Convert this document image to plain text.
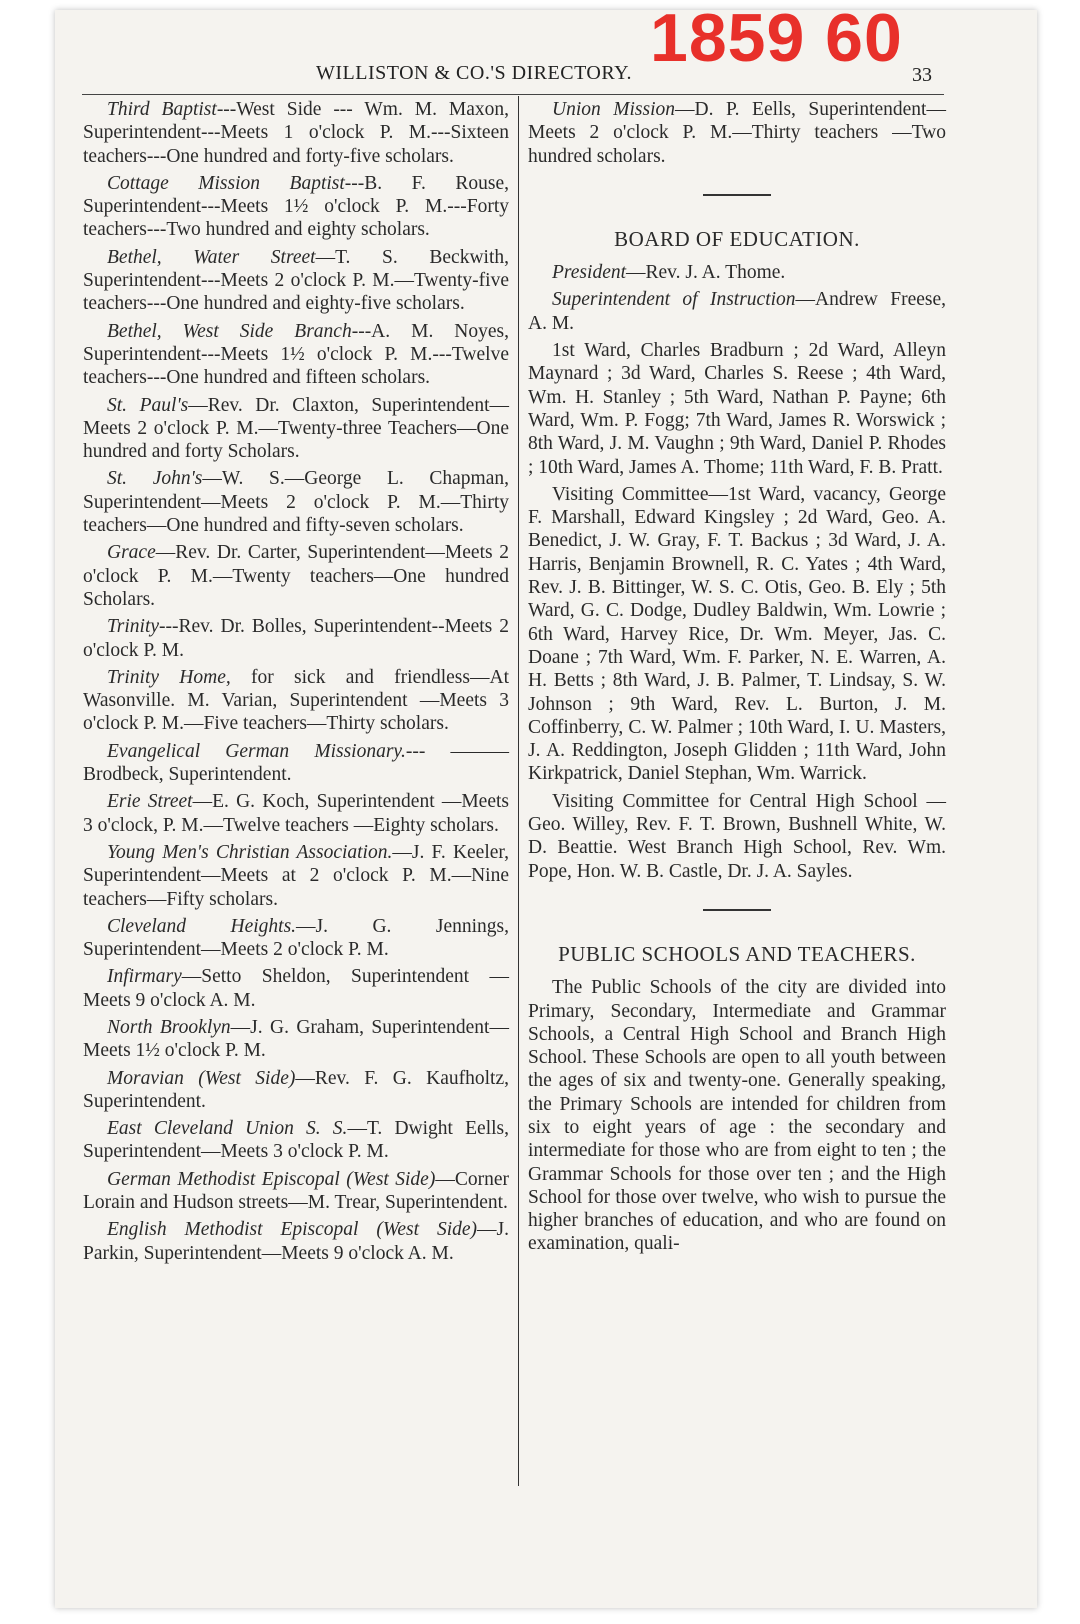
1859 60
WILLISTON & CO.'S DIRECTORY.	33

Third Baptist---West Side --- Wm. M. Maxon, Superintendent---Meets 1 o'clock P. M.---Sixteen teachers---One hundred and forty-five scholars.

Cottage Mission Baptist---B. F. Rouse, Superintendent---Meets 1½ o'clock P. M.---Forty teachers---Two hundred and eighty scholars.

Bethel, Water Street—T. S. Beckwith, Superintendent---Meets 2 o'clock P. M.—Twenty-five teachers---One hundred and eighty-five scholars.

Bethel, West Side Branch---A. M. Noyes, Superintendent---Meets 1½ o'clock P. M.---Twelve teachers---One hundred and fifteen scholars.

St. Paul's—Rev. Dr. Claxton, Superintendent—Meets 2 o'clock P. M.—Twenty-three Teachers—One hundred and forty Scholars.

St. John's—W. S.—George L. Chapman, Superintendent—Meets 2 o'clock P. M.—Thirty teachers—One hundred and fifty-seven scholars.

Grace—Rev. Dr. Carter, Superintendent—Meets 2 o'clock P. M.—Twenty teachers—One hundred Scholars.

Trinity---Rev. Dr. Bolles, Superintendent--Meets 2 o'clock P. M.

Trinity Home, for sick and friendless—At Wasonville. M. Varian, Superintendent —Meets 3 o'clock P. M.—Five teachers—Thirty scholars.

Evangelical German Missionary.--- ——— Brodbeck, Superintendent.

Erie Street—E. G. Koch, Superintendent —Meets 3 o'clock, P. M.—Twelve teachers —Eighty scholars.

Young Men's Christian Association.—J. F. Keeler, Superintendent—Meets at 2 o'clock P. M.—Nine teachers—Fifty scholars.

Cleveland Heights.—J. G. Jennings, Superintendent—Meets 2 o'clock P. M.

Infirmary—Setto Sheldon, Superintendent —Meets 9 o'clock A. M.

North Brooklyn—J. G. Graham, Superintendent—Meets 1½ o'clock P. M.

Moravian (West Side)—Rev. F. G. Kaufholtz, Superintendent.

East Cleveland Union S. S.—T. Dwight Eells, Superintendent—Meets 3 o'clock P. M.

German Methodist Episcopal (West Side)—Corner Lorain and Hudson streets—M. Trear, Superintendent.

English Methodist Episcopal (West Side)—J. Parkin, Superintendent—Meets 9 o'clock A. M.

Union Mission—D. P. Eells, Superintendent—Meets 2 o'clock P. M.—Thirty teachers —Two hundred scholars.

BOARD OF EDUCATION.

President—Rev. J. A. Thome.

Superintendent of Instruction—Andrew Freese, A. M.

1st Ward, Charles Bradburn ; 2d Ward, Alleyn Maynard ; 3d Ward, Charles S. Reese ; 4th Ward, Wm. H. Stanley ; 5th Ward, Nathan P. Payne; 6th Ward, Wm. P. Fogg; 7th Ward, James R. Worswick ; 8th Ward, J. M. Vaughn ; 9th Ward, Daniel P. Rhodes ; 10th Ward, James A. Thome; 11th Ward, F. B. Pratt.

Visiting Committee—1st Ward, vacancy, George F. Marshall, Edward Kingsley ; 2d Ward, Geo. A. Benedict, J. W. Gray, F. T. Backus ; 3d Ward, J. A. Harris, Benjamin Brownell, R. C. Yates ; 4th Ward, Rev. J. B. Bittinger, W. S. C. Otis, Geo. B. Ely ; 5th Ward, G. C. Dodge, Dudley Baldwin, Wm. Lowrie ; 6th Ward, Harvey Rice, Dr. Wm. Meyer, Jas. C. Doane ; 7th Ward, Wm. F. Parker, N. E. Warren, A. H. Betts ; 8th Ward, J. B. Palmer, T. Lindsay, S. W. Johnson ; 9th Ward, Rev. L. Burton, J. M. Coffinberry, C. W. Palmer ; 10th Ward, I. U. Masters, J. A. Reddington, Joseph Glidden ; 11th Ward, John Kirkpatrick, Daniel Stephan, Wm. Warrick.

Visiting Committee for Central High School — Geo. Willey, Rev. F. T. Brown, Bushnell White, W. D. Beattie. West Branch High School, Rev. Wm. Pope, Hon. W. B. Castle, Dr. J. A. Sayles.

PUBLIC SCHOOLS AND TEACHERS.

The Public Schools of the city are divided into Primary, Secondary, Intermediate and Grammar Schools, a Central High School and Branch High School. These Schools are open to all youth between the ages of six and twenty-one. Generally speaking, the Primary Schools are intended for children from six to eight years of age : the secondary and intermediate for those who are from eight to ten ; the Grammar Schools for those over ten ; and the High School for those over twelve, who wish to pursue the higher branches of education, and who are found on examination, quali-
